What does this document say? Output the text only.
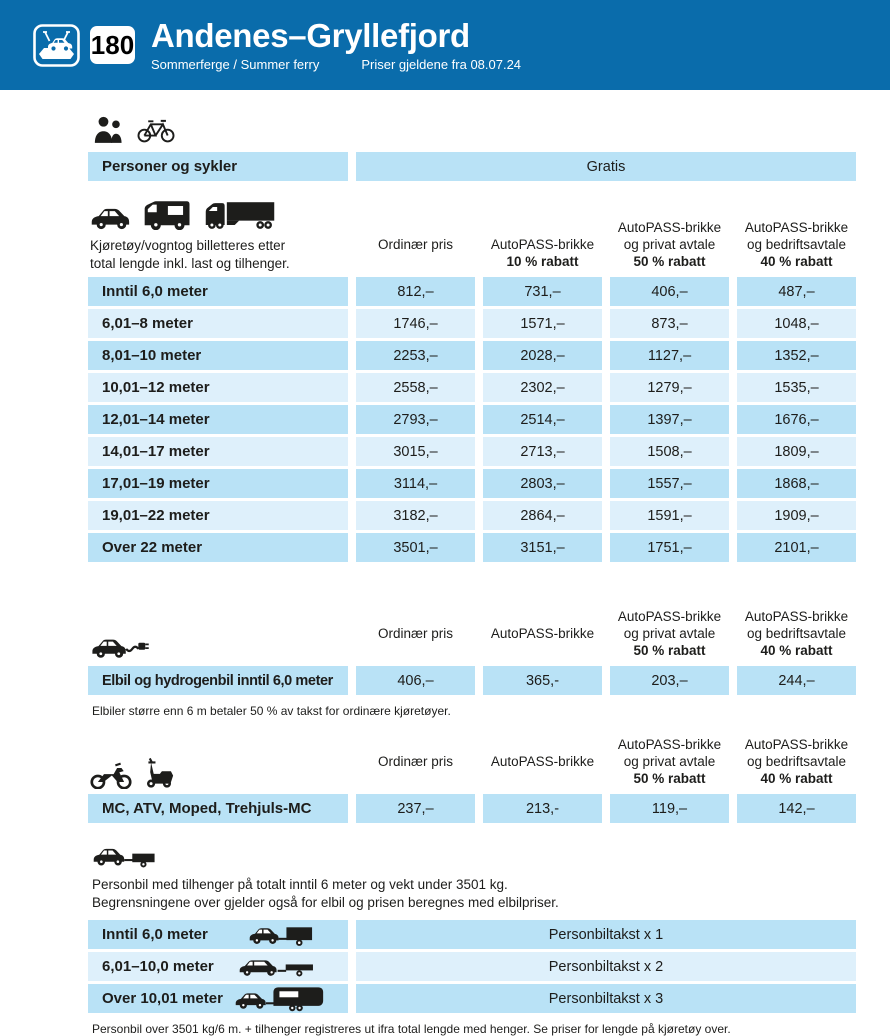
180 Andenes–Gryllefjord
Sommerferge / Summer ferry	Priser gjeldene fra 08.07.24
Personer og sykler	Gratis
Kjøretøy/vogntog billetteres etter
total lengde inkl. last og tilhenger.
Ordinær pris	AutoPASS-brikke
10 % rabatt
AutoPASS-brikke
og privat avtale
50 % rabatt
AutoPASS-brikke
og bedriftsavtale
40 % rabatt
Inntil 6,0 meter	812,–	731,–	406,–	487,–
6,01–8 meter	1746,–	1571,–	873,–	1048,–
8,01–10 meter	2253,–	2028,–	1127,–	1352,–
10,01–12 meter	2558,–	2302,–	1279,–	1535,–
12,01–14 meter	2793,–	2514,–	1397,–	1676,–
14,01–17 meter	3015,–	2713,–	1508,–	1809,–
17,01–19 meter	3114,–	2803,–	1557,–	1868,–
19,01–22 meter	3182,–	2864,–	1591,–	1909,–
Over 22 meter	3501,–	3151,–	1751,–	2101,–
Ordinær pris	AutoPASS-brikke
AutoPASS-brikke
og privat avtale
50 % rabatt
AutoPASS-brikke
og bedriftsavtale
40 % rabatt
Elbil og hydrogenbil inntil 6,0 meter	406,–	365,-	203,–	244,–
Elbiler større enn 6 m betaler 50 % av takst for ordinære kjøretøyer.
Ordinær pris	AutoPASS-brikke
AutoPASS-brikke
og privat avtale
50 % rabatt
AutoPASS-brikke
og bedriftsavtale
40 % rabatt
MC, ATV, Moped, Trehjuls-MC	237,–	213,-	119,–	142,–

Personbil med tilhenger på totalt inntil 6 meter og vekt under 3501 kg.

Begrensningene over gjelder også for elbil og prisen beregnes med elbilpriser.

Inntil 6,0 meter	Personbiltakst x 1
6,01–10,0 meter	Personbiltakst x 2
Over 10,01 meter	Personbiltakst x 3
Personbil over 3501 kg/6 m. + tilhenger registreres ut ifra total lengde med henger. Se priser for lengde på kjøretøy over.
